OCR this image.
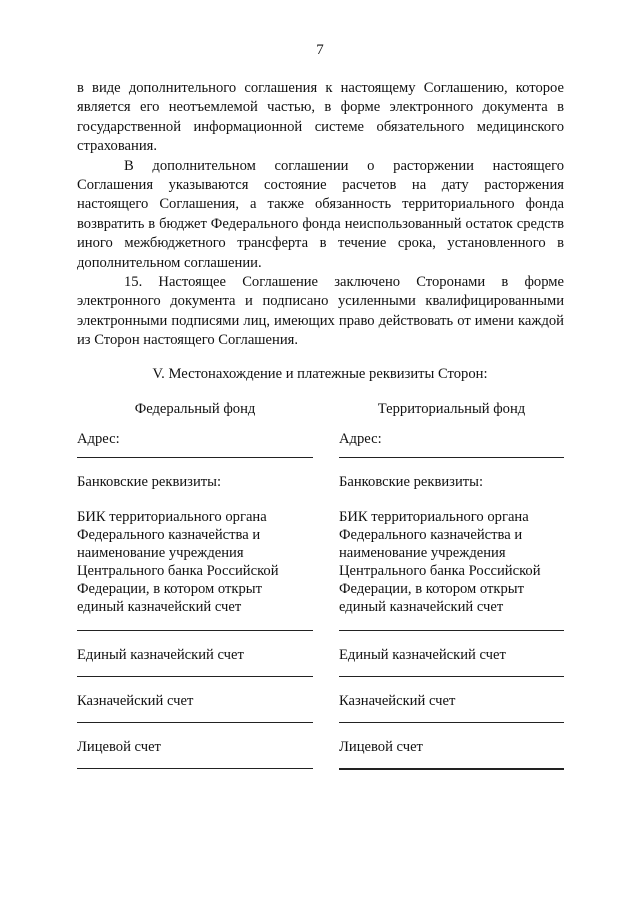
7

в виде дополнительного соглашения к настоящему Соглашению, которое является его неотъемлемой частью, в форме электронного документа в государственной информационной системе обязательного медицинского страхования.

В дополнительном соглашении о расторжении настоящего Соглашения указываются состояние расчетов на дату расторжения настоящего Соглашения, а также обязанность территориального фонда возвратить в бюджет Федерального фонда неиспользованный остаток средств иного межбюджетного трансферта в течение срока, установленного в дополнительном соглашении.

15. Настоящее Соглашение заключено Сторонами в форме электронного документа и подписано усиленными квалифицированными электронными подписями лиц, имеющих право действовать от имени каждой из Сторон настоящего Соглашения.

V. Местонахождение и платежные реквизиты Сторон:

Федеральный фонд

Адрес:

Банковские реквизиты:

БИК территориального органа Федерального казначейства и наименование учреждения Центрального банка Российской Федерации, в котором открыт единый казначейский счет

Единый казначейский счет

Казначейский счет

Лицевой счет

Территориальный фонд

Адрес:

Банковские реквизиты:

БИК территориального органа Федерального казначейства и наименование учреждения Центрального банка Российской Федерации, в котором открыт единый казначейский счет

Единый казначейский счет

Казначейский счет

Лицевой счет
